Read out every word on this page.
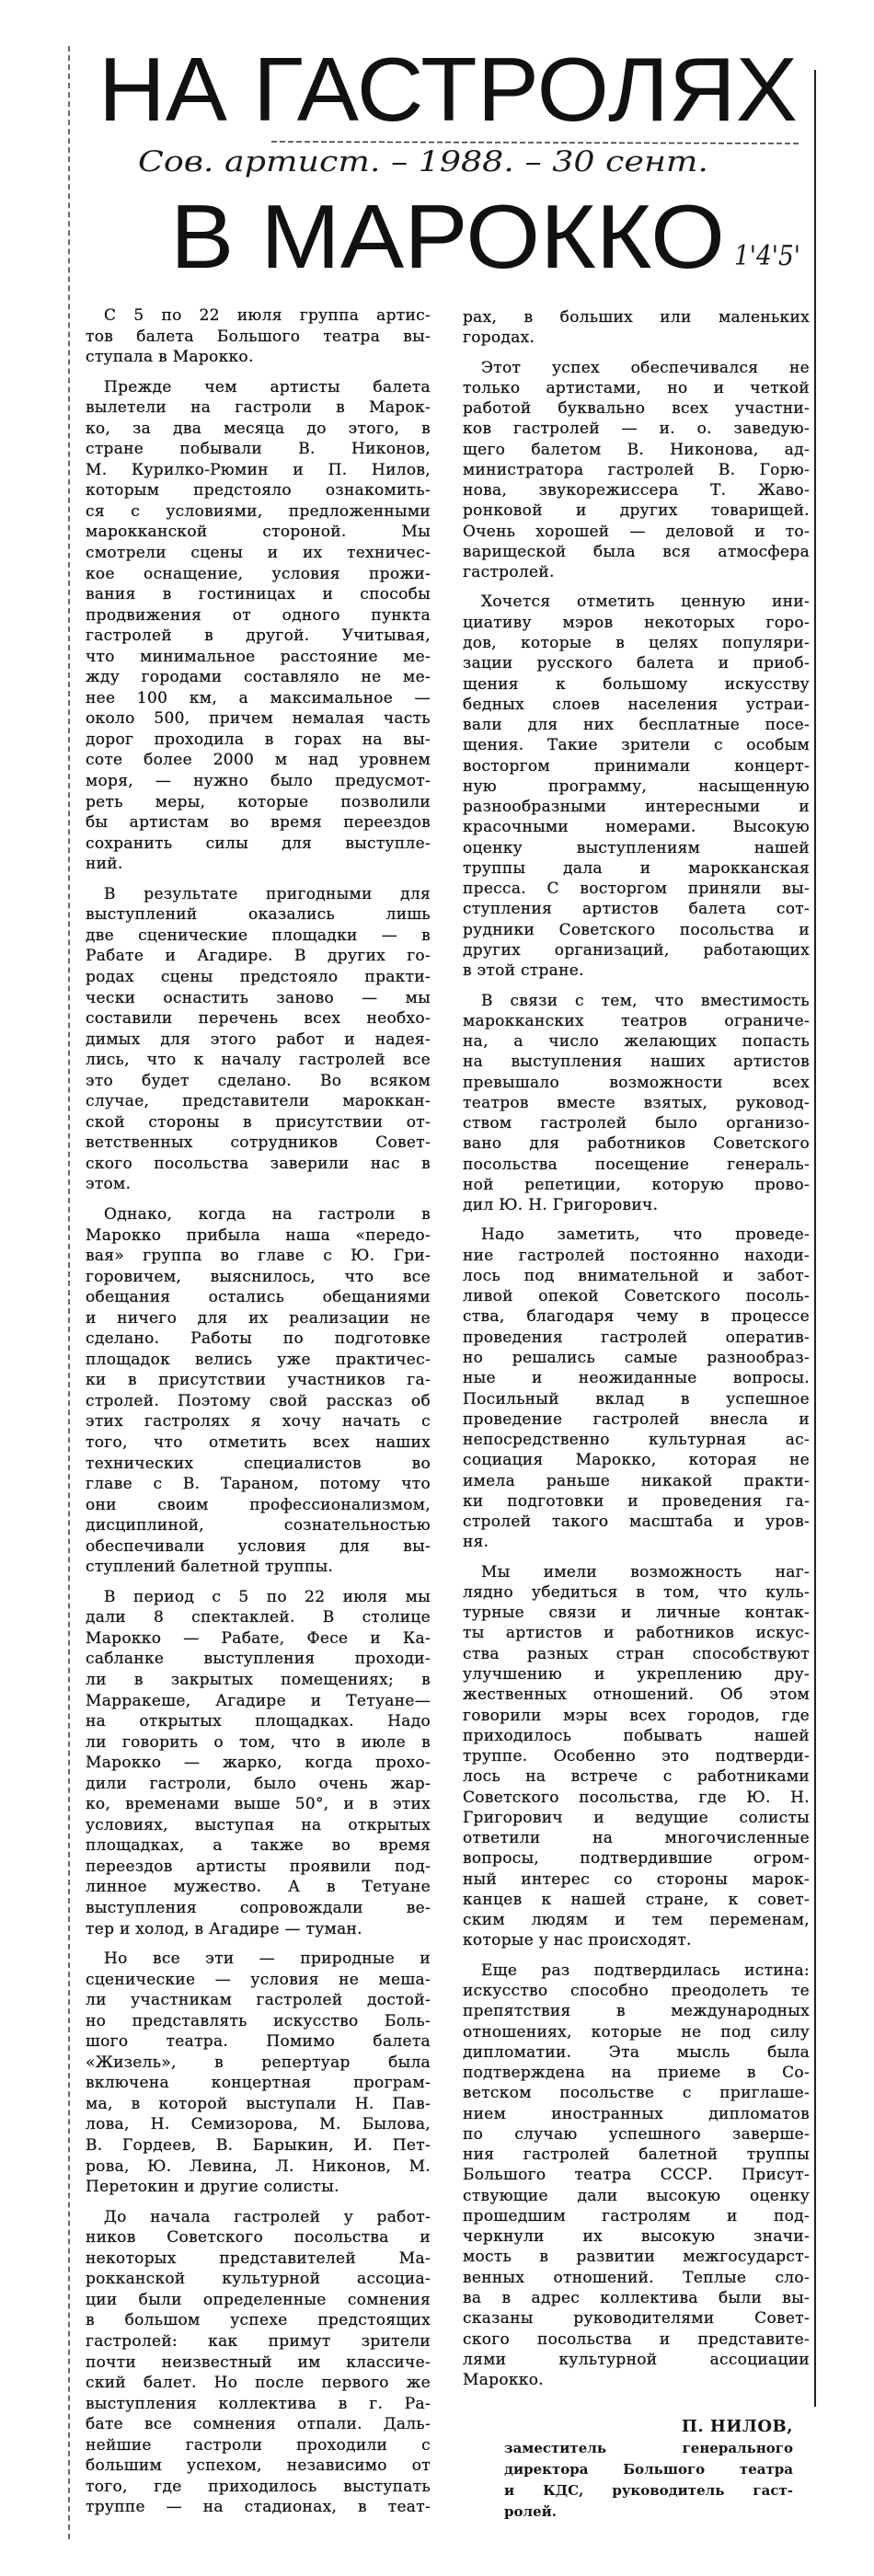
НА ГАСТРОЛЯХ
Сов. артист. – 1988. – 30 сент.
В МАРОККО 1'4'5'
С 5 по 22 июля группа артис-
тов балета Большого театра вы-
ступала в Марокко.
Прежде чем артисты балета
вылетели на гастроли в Марок-
ко, за два месяца до этого, в
стране побывали В. Никонов,
М. Курилко-Рюмин и П. Нилов,
которым предстояло ознакомить-
ся с условиями, предложенными
марокканской стороной. Мы
смотрели сцены и их техничес-
кое оснащение, условия прожи-
вания в гостиницах и способы
продвижения от одного пункта
гастролей в другой. Учитывая,
что минимальное расстояние ме-
жду городами составляло не ме-
нее 100 км, а максимальное —
около 500, причем немалая часть
дорог проходила в горах на вы-
соте более 2000 м над уровнем
моря, — нужно было предусмот-
реть меры, которые позволили
бы артистам во время переездов
сохранить силы для выступле-
ний.
В результате пригодными для
выступлений оказались лишь
две сценические площадки — в
Рабате и Агадире. В других го-
родах сцены предстояло практи-
чески оснастить заново — мы
составили перечень всех необхо-
димых для этого работ и надея-
лись, что к началу гастролей все
это будет сделано. Во всяком
случае, представители мароккан-
ской стороны в присутствии от-
ветственных сотрудников Совет-
ского посольства заверили нас в
этом.
Однако, когда на гастроли в
Марокко прибыла наша «передо-
вая» группа во главе с Ю. Гри-
горовичем, выяснилось, что все
обещания остались обещаниями
и ничего для их реализации не
сделано. Работы по подготовке
площадок велись уже практичес-
ки в присутствии участников га-
стролей. Поэтому свой рассказ об
этих гастролях я хочу начать с
того, что отметить всех наших
технических специалистов во
главе с В. Тараном, потому что
они своим профессионализмом,
дисциплиной, сознательностью
обеспечивали условия для вы-
ступлений балетной труппы.
В период с 5 по 22 июля мы
дали 8 спектаклей. В столице
Марокко — Рабате, Фесе и Ка-
сабланке выступления проходи-
ли в закрытых помещениях; в
Марракеше, Агадире и Тетуане—
на открытых площадках. Надо
ли говорить о том, что в июле в
Марокко — жарко, когда прохо-
дили гастроли, было очень жар-
ко, временами выше 50°, и в этих
условиях, выступая на открытых
площадках, а также во время
переездов артисты проявили под-
линное мужество. А в Тетуане
выступления сопровождали ве-
тер и холод, в Агадире — туман.
Но все эти — природные и
сценические — условия не меша-
ли участникам гастролей достой-
но представлять искусство Боль-
шого театра. Помимо балета
«Жизель», в репертуар была
включена концертная програм-
ма, в которой выступали Н. Пав-
лова, Н. Семизорова, М. Былова,
В. Гордеев, В. Барыкин, И. Пет-
рова, Ю. Левина, Л. Никонов, М.
Перетокин и другие солисты.
До начала гастролей у работ-
ников Советского посольства и
некоторых представителей Ма-
рокканской культурной ассоциа-
ции были определенные сомнения
в большом успехе предстоящих
гастролей: как примут зрители
почти неизвестный им классиче-
ский балет. Но после первого же
выступления коллектива в г. Ра-
бате все сомнения отпали. Даль-
нейшие гастроли проходили с
большим успехом, независимо от
того, где приходилось выступать
труппе — на стадионах, в теат-
рах, в больших или маленьких
городах.
Этот успех обеспечивался не
только артистами, но и четкой
работой буквально всех участни-
ков гастролей — и. о. заведую-
щего балетом В. Никонова, ад-
министратора гастролей В. Горю-
нова, звукорежиссера Т. Жаво-
ронковой и других товарищей.
Очень хорошей — деловой и то-
варищеской была вся атмосфера
гастролей.
Хочется отметить ценную ини-
циативу мэров некоторых горо-
дов, которые в целях популяри-
зации русского балета и приоб-
щения к большому искусству
бедных слоев населения устраи-
вали для них бесплатные посе-
щения. Такие зрители с особым
восторгом принимали концерт-
ную программу, насыщенную
разнообразными интересными и
красочными номерами. Высокую
оценку выступлениям нашей
труппы дала и марокканская
пресса. С восторгом приняли вы-
ступления артистов балета сот-
рудники Советского посольства и
других организаций, работающих
в этой стране.
В связи с тем, что вместимость
марокканских театров ограниче-
на, а число желающих попасть
на выступления наших артистов
превышало возможности всех
театров вместе взятых, руковод-
ством гастролей было организо-
вано для работников Советского
посольства посещение генераль-
ной репетиции, которую прово-
дил Ю. Н. Григорович.
Надо заметить, что проведе-
ние гастролей постоянно находи-
лось под внимательной и забот-
ливой опекой Советского посоль-
ства, благодаря чему в процессе
проведения гастролей оператив-
но решались самые разнообраз-
ные и неожиданные вопросы.
Посильный вклад в успешное
проведение гастролей внесла и
непосредственно культурная ас-
социация Марокко, которая не
имела раньше никакой практи-
ки подготовки и проведения га-
стролей такого масштаба и уров-
ня.
Мы имели возможность наг-
лядно убедиться в том, что куль-
турные связи и личные контак-
ты артистов и работников искус-
ства разных стран способствуют
улучшению и укреплению дру-
жественных отношений. Об этом
говорили мэры всех городов, где
приходилось побывать нашей
труппе. Особенно это подтверди-
лось на встрече с работниками
Советского посольства, где Ю. Н.
Григорович и ведущие солисты
ответили на многочисленные
вопросы, подтвердившие огром-
ный интерес со стороны марок-
канцев к нашей стране, к совет-
ским людям и тем переменам,
которые у нас происходят.
Еще раз подтвердилась истина:
искусство способно преодолеть те
препятствия в международных
отношениях, которые не под силу
дипломатии. Эта мысль была
подтверждена на приеме в Со-
ветском посольстве с приглаше-
нием иностранных дипломатов
по случаю успешного заверше-
ния гастролей балетной труппы
Большого театра СССР. Присут-
ствующие дали высокую оценку
прошедшим гастролям и под-
черкнули их высокую значи-
мость в развитии межгосударст-
венных отношений. Теплые сло-
ва в адрес коллектива были вы-
сказаны руководителями Совет-
ского посольства и представите-
лями культурной ассоциации
Марокко.
П. НИЛОВ,
заместитель генерального
директора Большого театра
и КДС, руководитель гаст-
ролей.
